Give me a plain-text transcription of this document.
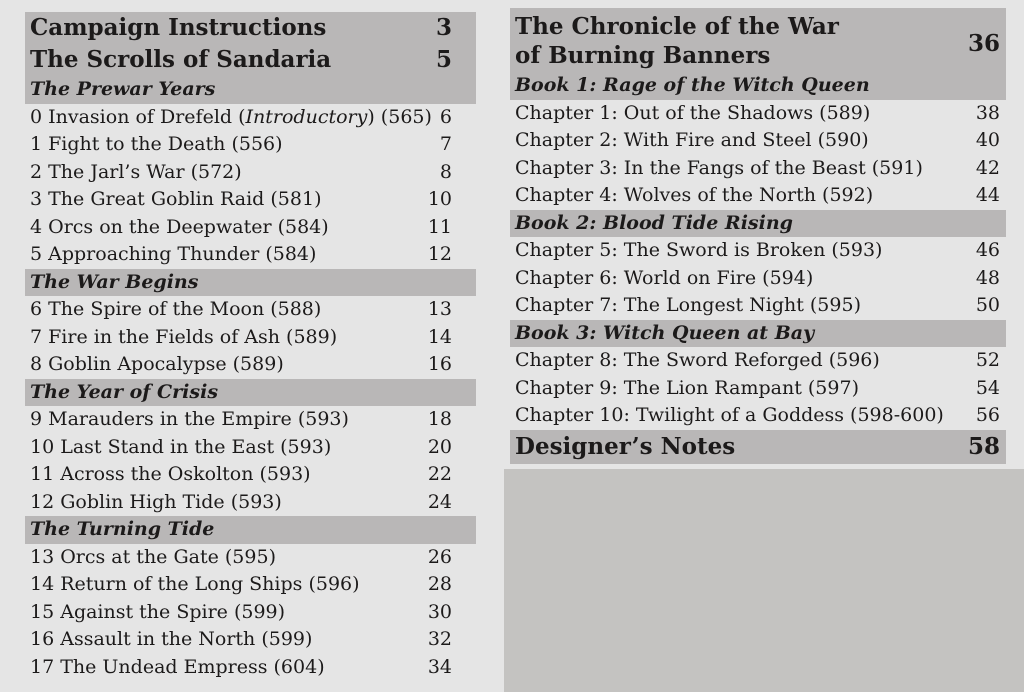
Campaign Instructions	3
The Scrolls of Sandaria	5
The Prewar Years
0 Invasion of Drefeld (Introductory) (565) 6
1 Fight to the Death (556)	7
2 The Jarl’s War (572)	8
3 The Great Goblin Raid (581)	10
4 Orcs on the Deepwater (584)	11
5 Approaching Thunder (584)	12
The War Begins
6 The Spire of the Moon (588)	13
7 Fire in the Fields of Ash (589)	14
8 Goblin Apocalypse (589)	16
The Year of Crisis
9 Marauders in the Empire (593)	18
10 Last Stand in the East (593)	20
11 Across the Oskolton (593)	22
12 Goblin High Tide (593)	24
The Turning Tide
13 Orcs at the Gate (595)	26
14 Return of the Long Ships (596)	28
15 Against the Spire (599)	30
16 Assault in the North (599)	32
17 The Undead Empress (604)	34
The Chronicle of the War
of Burning Banners	36
Book 1: Rage of the Witch Queen
Chapter 1: Out of the Shadows (589)	38
Chapter 2: With Fire and Steel (590)	40
Chapter 3: In the Fangs of the Beast (591)	42
Chapter 4: Wolves of the North (592)	44
Book 2: Blood Tide Rising
Chapter 5: The Sword is Broken (593)	46
Chapter 6: World on Fire (594)	48
Chapter 7: The Longest Night (595)	50
Book 3: Witch Queen at Bay
Chapter 8: The Sword Reforged (596)	52
Chapter 9: The Lion Rampant (597)	54
Chapter 10: Twilight of a Goddess (598-600) 56
Designer’s Notes	58
